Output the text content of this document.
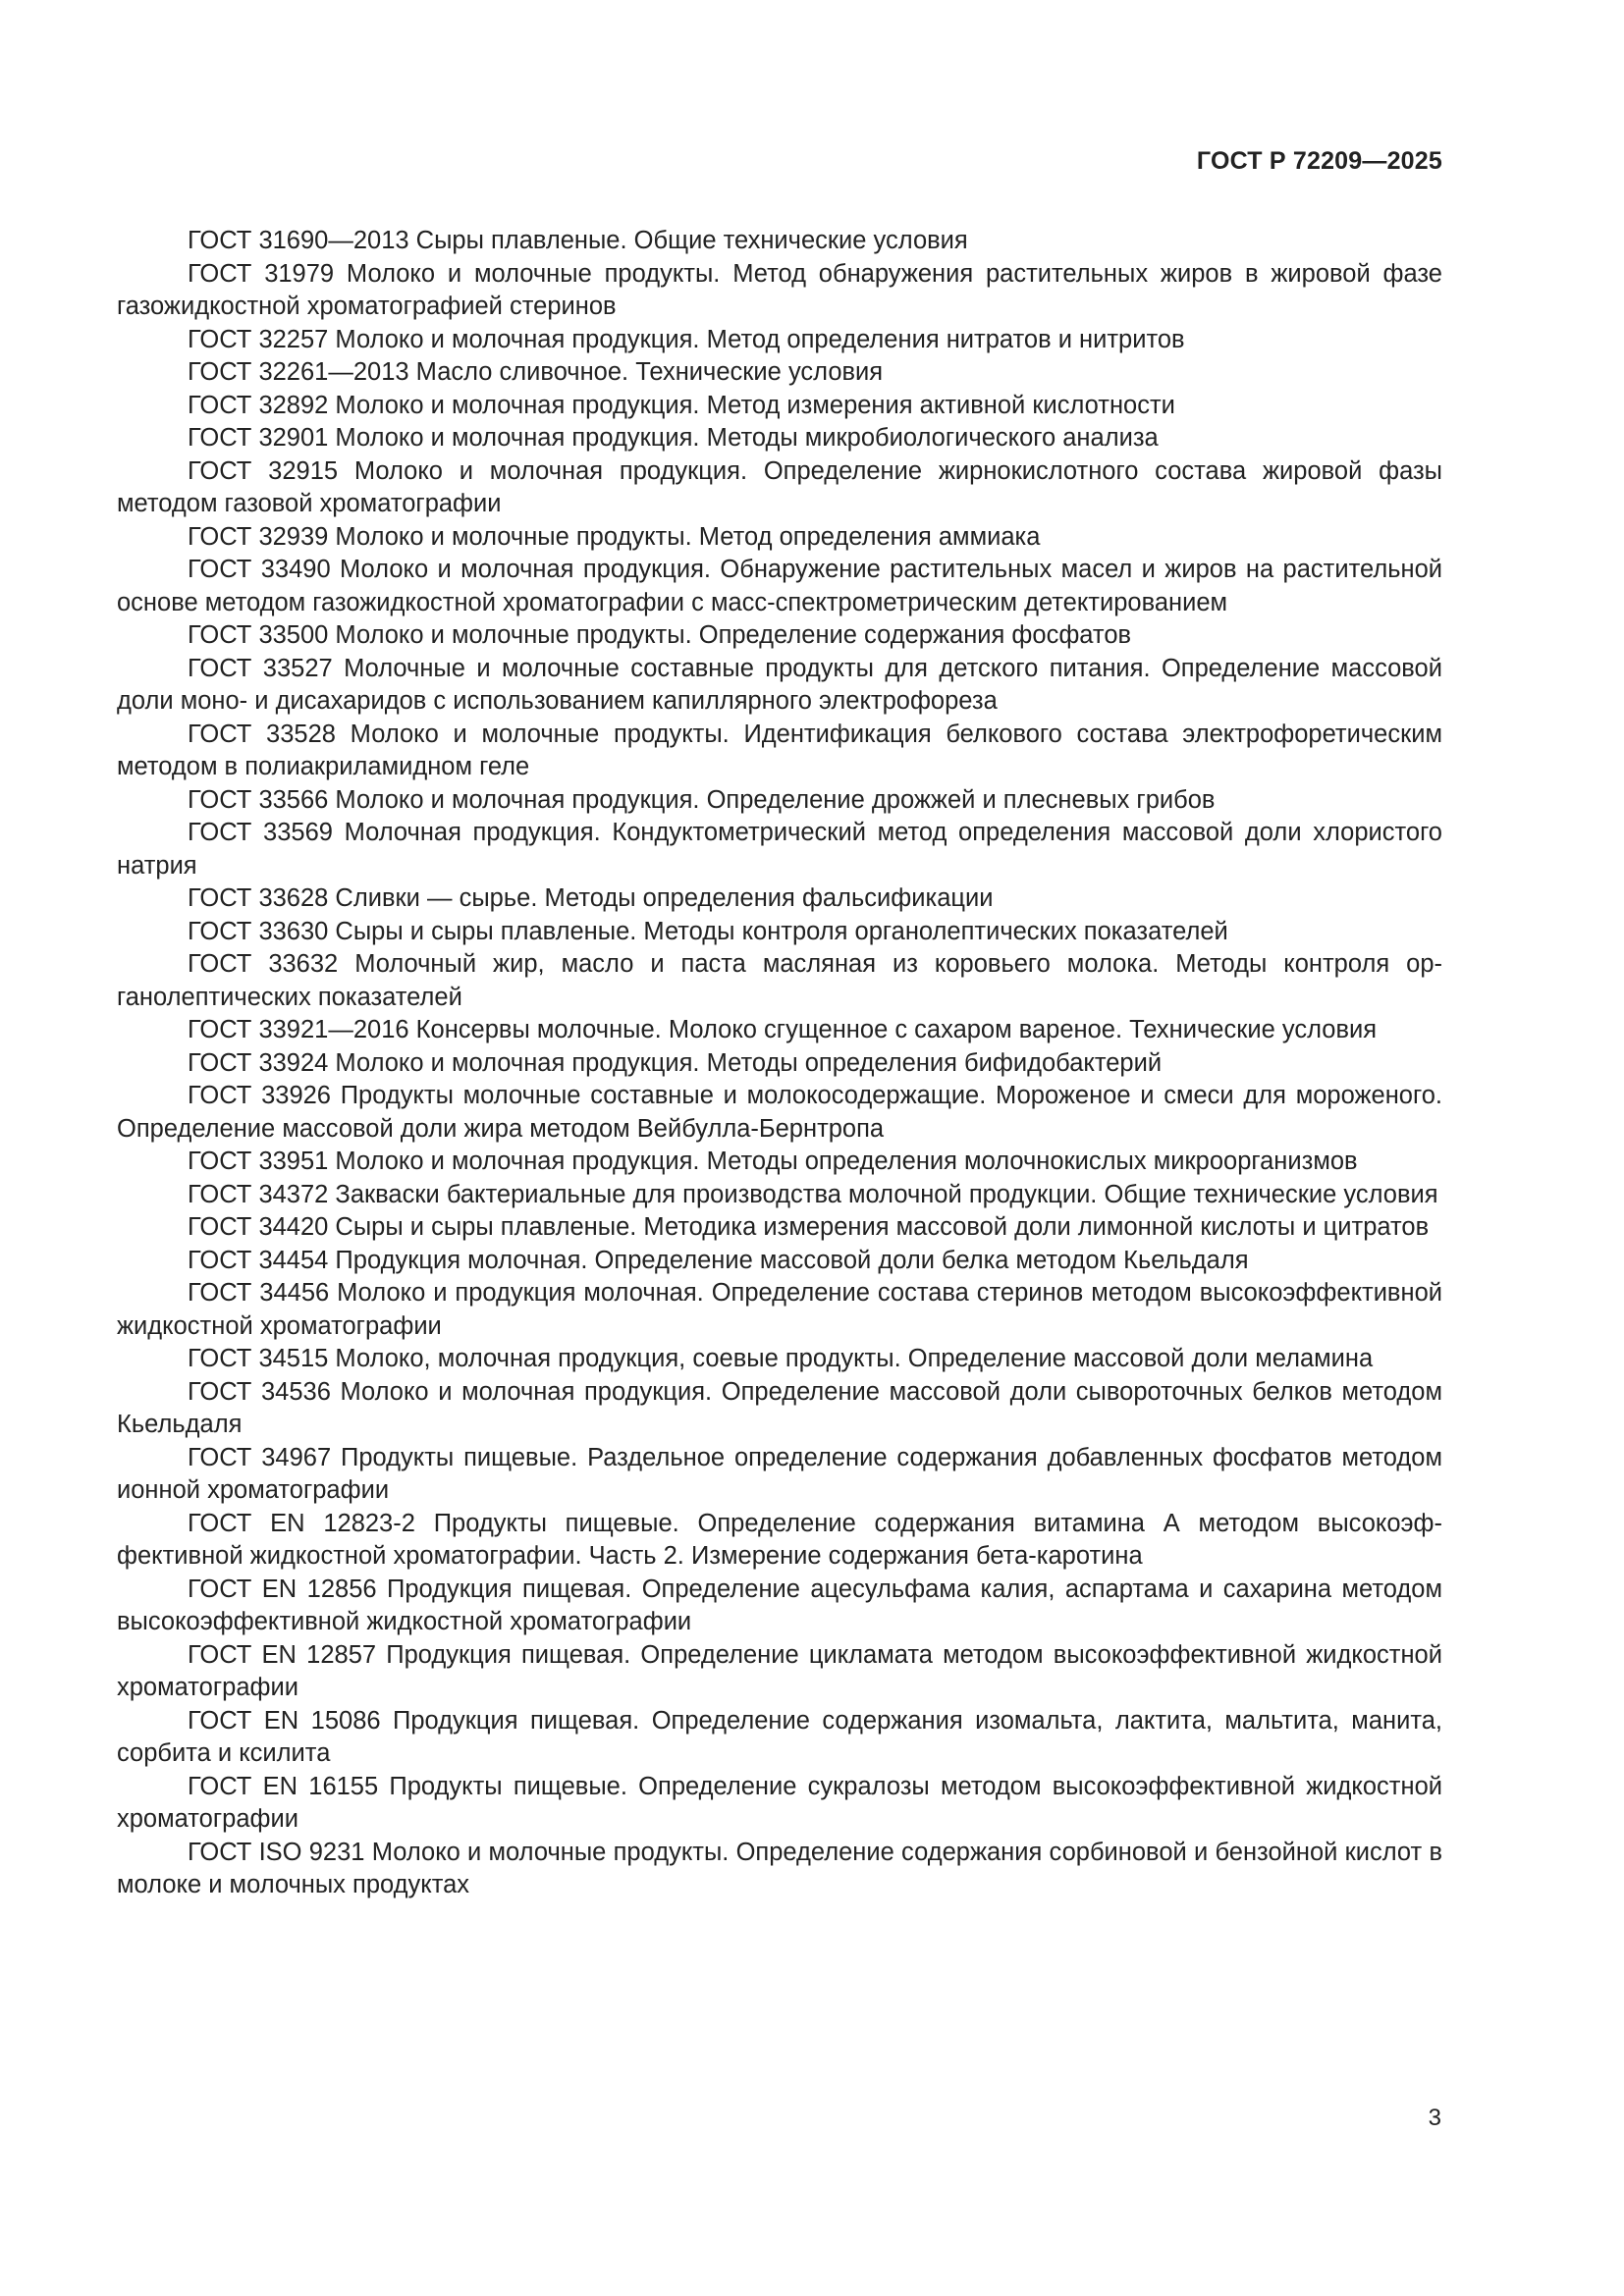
ГОСТ Р 72209—2025
ГОСТ 31690—2013 Сыры плавленые. Общие технические условия
ГОСТ 31979 Молоко и молочные продукты. Метод обнаружения растительных жиров в жировой фазе газожидкостной хроматографией стеринов
ГОСТ 32257 Молоко и молочная продукция. Метод определения нитратов и нитритов
ГОСТ 32261—2013 Масло сливочное. Технические условия
ГОСТ 32892 Молоко и молочная продукция. Метод измерения активной кислотности
ГОСТ 32901 Молоко и молочная продукция. Методы микробиологического анализа
ГОСТ 32915 Молоко и молочная продукция. Определение жирнокислотного состава жировой фазы методом газовой хроматографии
ГОСТ 32939 Молоко и молочные продукты. Метод определения аммиака
ГОСТ 33490 Молоко и молочная продукция. Обнаружение растительных масел и жиров на растительной основе методом газожидкостной хроматографии с масс-спектрометрическим детектированием
ГОСТ 33500 Молоко и молочные продукты. Определение содержания фосфатов
ГОСТ 33527 Молочные и молочные составные продукты для детского питания. Определение массовой доли моно- и дисахаридов с использованием капиллярного электрофореза
ГОСТ 33528 Молоко и молочные продукты. Идентификация белкового состава электрофоретическим методом в полиакриламидном геле
ГОСТ 33566 Молоко и молочная продукция. Определение дрожжей и плесневых грибов
ГОСТ 33569 Молочная продукция. Кондуктометрический метод определения массовой доли хлористого натрия
ГОСТ 33628 Сливки — сырье. Методы определения фальсификации
ГОСТ 33630 Сыры и сыры плавленые. Методы контроля органолептических показателей
ГОСТ 33632 Молочный жир, масло и паста масляная из коровьего молока. Методы контроля органолептических показателей
ГОСТ 33921—2016 Консервы молочные. Молоко сгущенное с сахаром вареное. Технические условия
ГОСТ 33924 Молоко и молочная продукция. Методы определения бифидобактерий
ГОСТ 33926 Продукты молочные составные и молокосодержащие. Мороженое и смеси для мороженого. Определение массовой доли жира методом Вейбулла-Бернтропа
ГОСТ 33951 Молоко и молочная продукция. Методы определения молочнокислых микроорганизмов
ГОСТ 34372 Закваски бактериальные для производства молочной продукции. Общие технические условия
ГОСТ 34420 Сыры и сыры плавленые. Методика измерения массовой доли лимонной кислоты и цитратов
ГОСТ 34454 Продукция молочная. Определение массовой доли белка методом Кьельдаля
ГОСТ 34456 Молоко и продукция молочная. Определение состава стеринов методом высокоэффективной жидкостной хроматографии
ГОСТ 34515 Молоко, молочная продукция, соевые продукты. Определение массовой доли меламина
ГОСТ 34536 Молоко и молочная продукция. Определение массовой доли сывороточных белков методом Кьельдаля
ГОСТ 34967 Продукты пищевые. Раздельное определение содержания добавленных фосфатов методом ионной хроматографии
ГОСТ EN 12823-2 Продукты пищевые. Определение содержания витамина А методом высокоэффективной жидкостной хроматографии. Часть 2. Измерение содержания бета-каротина
ГОСТ EN 12856 Продукция пищевая. Определение ацесульфама калия, аспартама и сахарина методом высокоэффективной жидкостной хроматографии
ГОСТ EN 12857 Продукция пищевая. Определение цикламата методом высокоэффективной жидкостной хроматографии
ГОСТ EN 15086 Продукция пищевая. Определение содержания изомальта, лактита, мальтита, манита, сорбита и ксилита
ГОСТ EN 16155 Продукты пищевые. Определение сукралозы методом высокоэффективной жидкостной хроматографии
ГОСТ ISO 9231 Молоко и молочные продукты. Определение содержания сорбиновой и бензойной кислот в молоке и молочных продуктах
3
